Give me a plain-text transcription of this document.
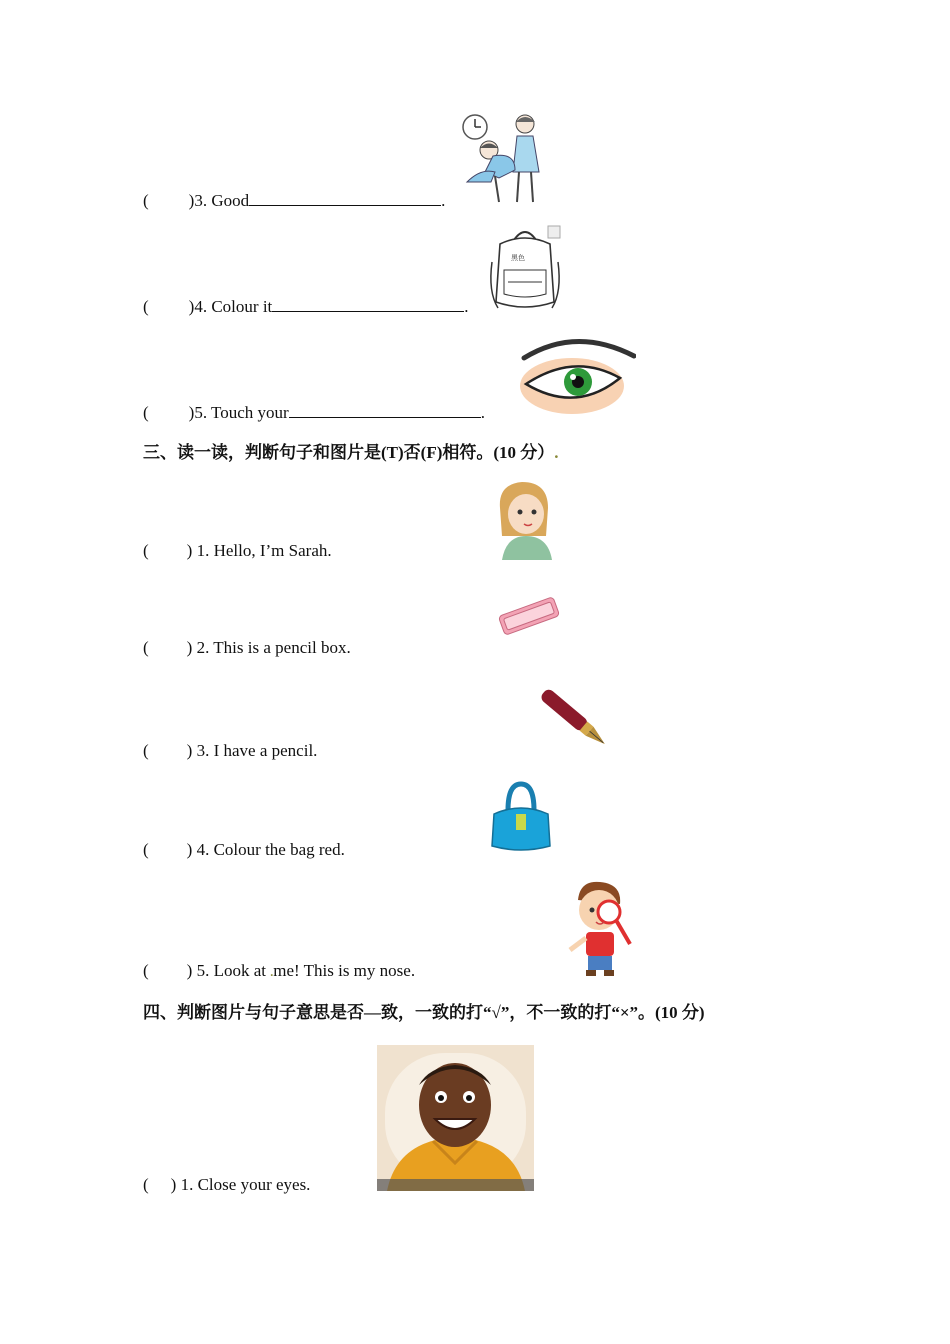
( )3. Good	.
黑色
( )4. Colour it	.
( )5. Touch your	.
三、读一读，判断句子和图片是(T)否(F)相符。(10 分）.
( ) 1. Hello, I’m Sarah.
( ) 2. This is a pencil box.
( ) 3. I have a pencil.
( ) 4. Colour the bag red.
( ) 5. Look at .me! This is my nose.
四、判断图片与句子意思是否—致，一致的打“√”，不一致的打“×”。(10 分)
( ) 1. Close your eyes.
